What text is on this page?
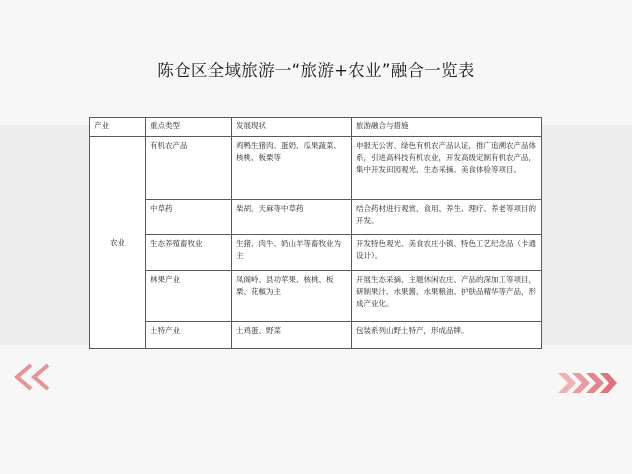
陈仓区全域旅游一“旅游+农业”融合一览表
产业	重点类型	发展现状	旅游融合与措施
农业	有机农产品	鸡鸭生猪肉、蛋奶、瓜果蔬菜、核桃、板栗等	申报无公害、绿色有机农产品认证，推广追溯农产品体系，引进高科技有机农业，开发高级定制有机农产品，集中开发田园观光、生态采摘、美食体验等项目。
	中草药	柴胡、天麻等中草药	结合药材进行观赏、食用、养生、理疗、养老等项目的开发。
	生态养殖畜牧业	生猪、肉牛、奶山羊等畜牧业为主	开发特色观光、美食农庄小镇、特色工艺纪念品（卡通设计）。
	林果产业	凤阁岭、县功苹果、核桃、板栗、花椒为主	开展生态采摘、主题休闲农庄、产品的深加工等项目，研制果汁、水果酱、水果粮油、护肤品精华等产品，形成产业化。
	土特产业	土鸡蛋、野菜	包装系列山野土特产，形成品牌。
